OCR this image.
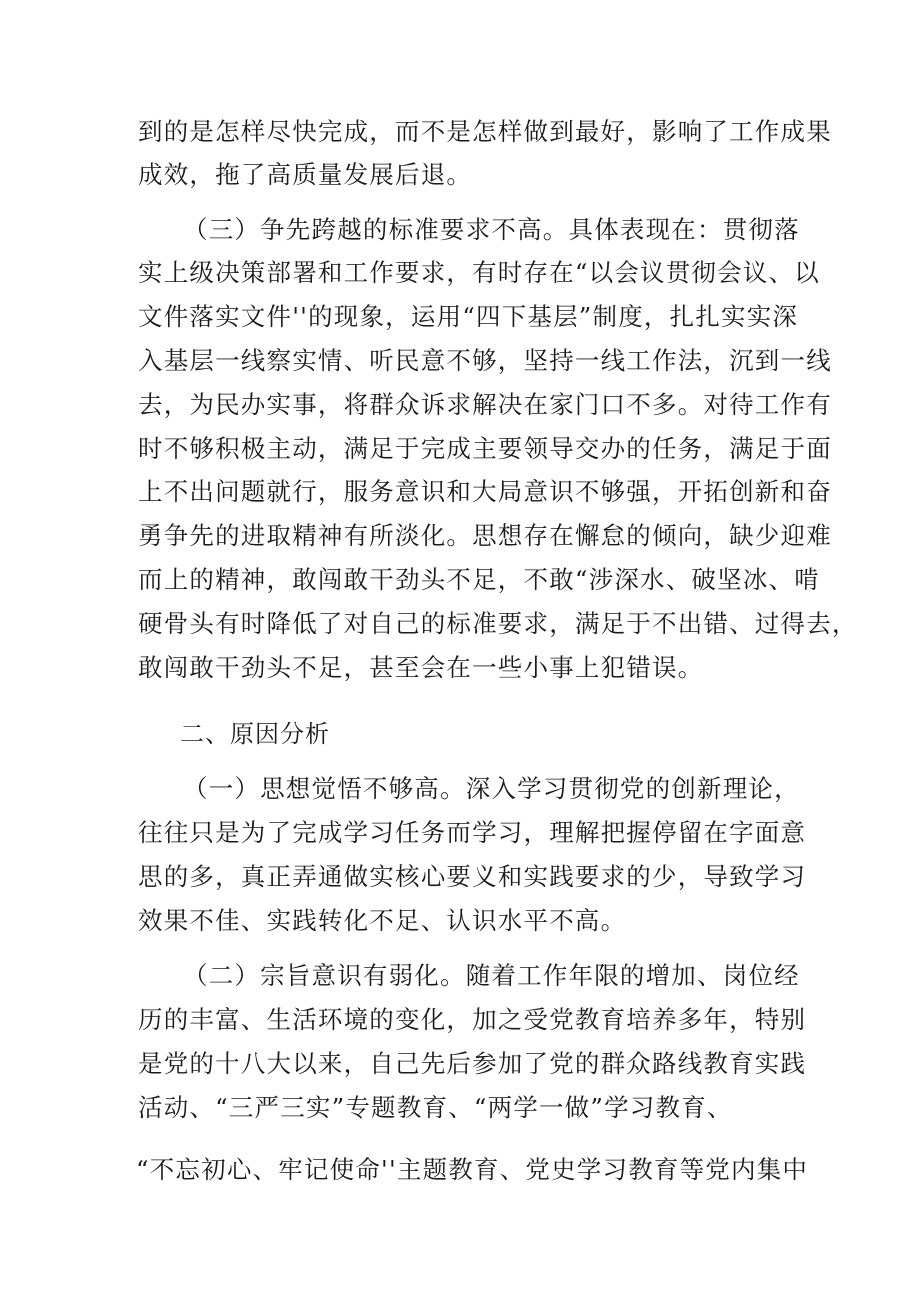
到的是怎样尽快完成，而不是怎样做到最好，影响了工作成果
成效，拖了高质量发展后退。
（三）争先跨越的标准要求不高。具体表现在：贯彻落
实上级决策部署和工作要求，有时存在“以会议贯彻会议、以
文件落实文件''的现象，运用“四下基层”制度，扎扎实实深
入基层一线察实情、听民意不够，坚持一线工作法，沉到一线
去，为民办实事，将群众诉求解决在家门口不多。对待工作有
时不够积极主动，满足于完成主要领导交办的任务，满足于面
上不出问题就行，服务意识和大局意识不够强，开拓创新和奋
勇争先的进取精神有所淡化。思想存在懈怠的倾向，缺少迎难
而上的精神，敢闯敢干劲头不足，不敢“涉深水、破坚冰、啃
硬骨头有时降低了对自己的标准要求，满足于不出错、过得去，
敢闯敢干劲头不足，甚至会在一些小事上犯错误。
二、原因分析
（一）思想觉悟不够高。深入学习贯彻党的创新理论，
往往只是为了完成学习任务而学习，理解把握停留在字面意
思的多，真正弄通做实核心要义和实践要求的少，导致学习
效果不佳、实践转化不足、认识水平不高。
（二）宗旨意识有弱化。随着工作年限的增加、岗位经
历的丰富、生活环境的变化，加之受党教育培养多年，特别
是党的十八大以来，自己先后参加了党的群众路线教育实践
活动、“三严三实”专题教育、“两学一做”学习教育、
“不忘初心、牢记使命''主题教育、党史学习教育等党内集中
